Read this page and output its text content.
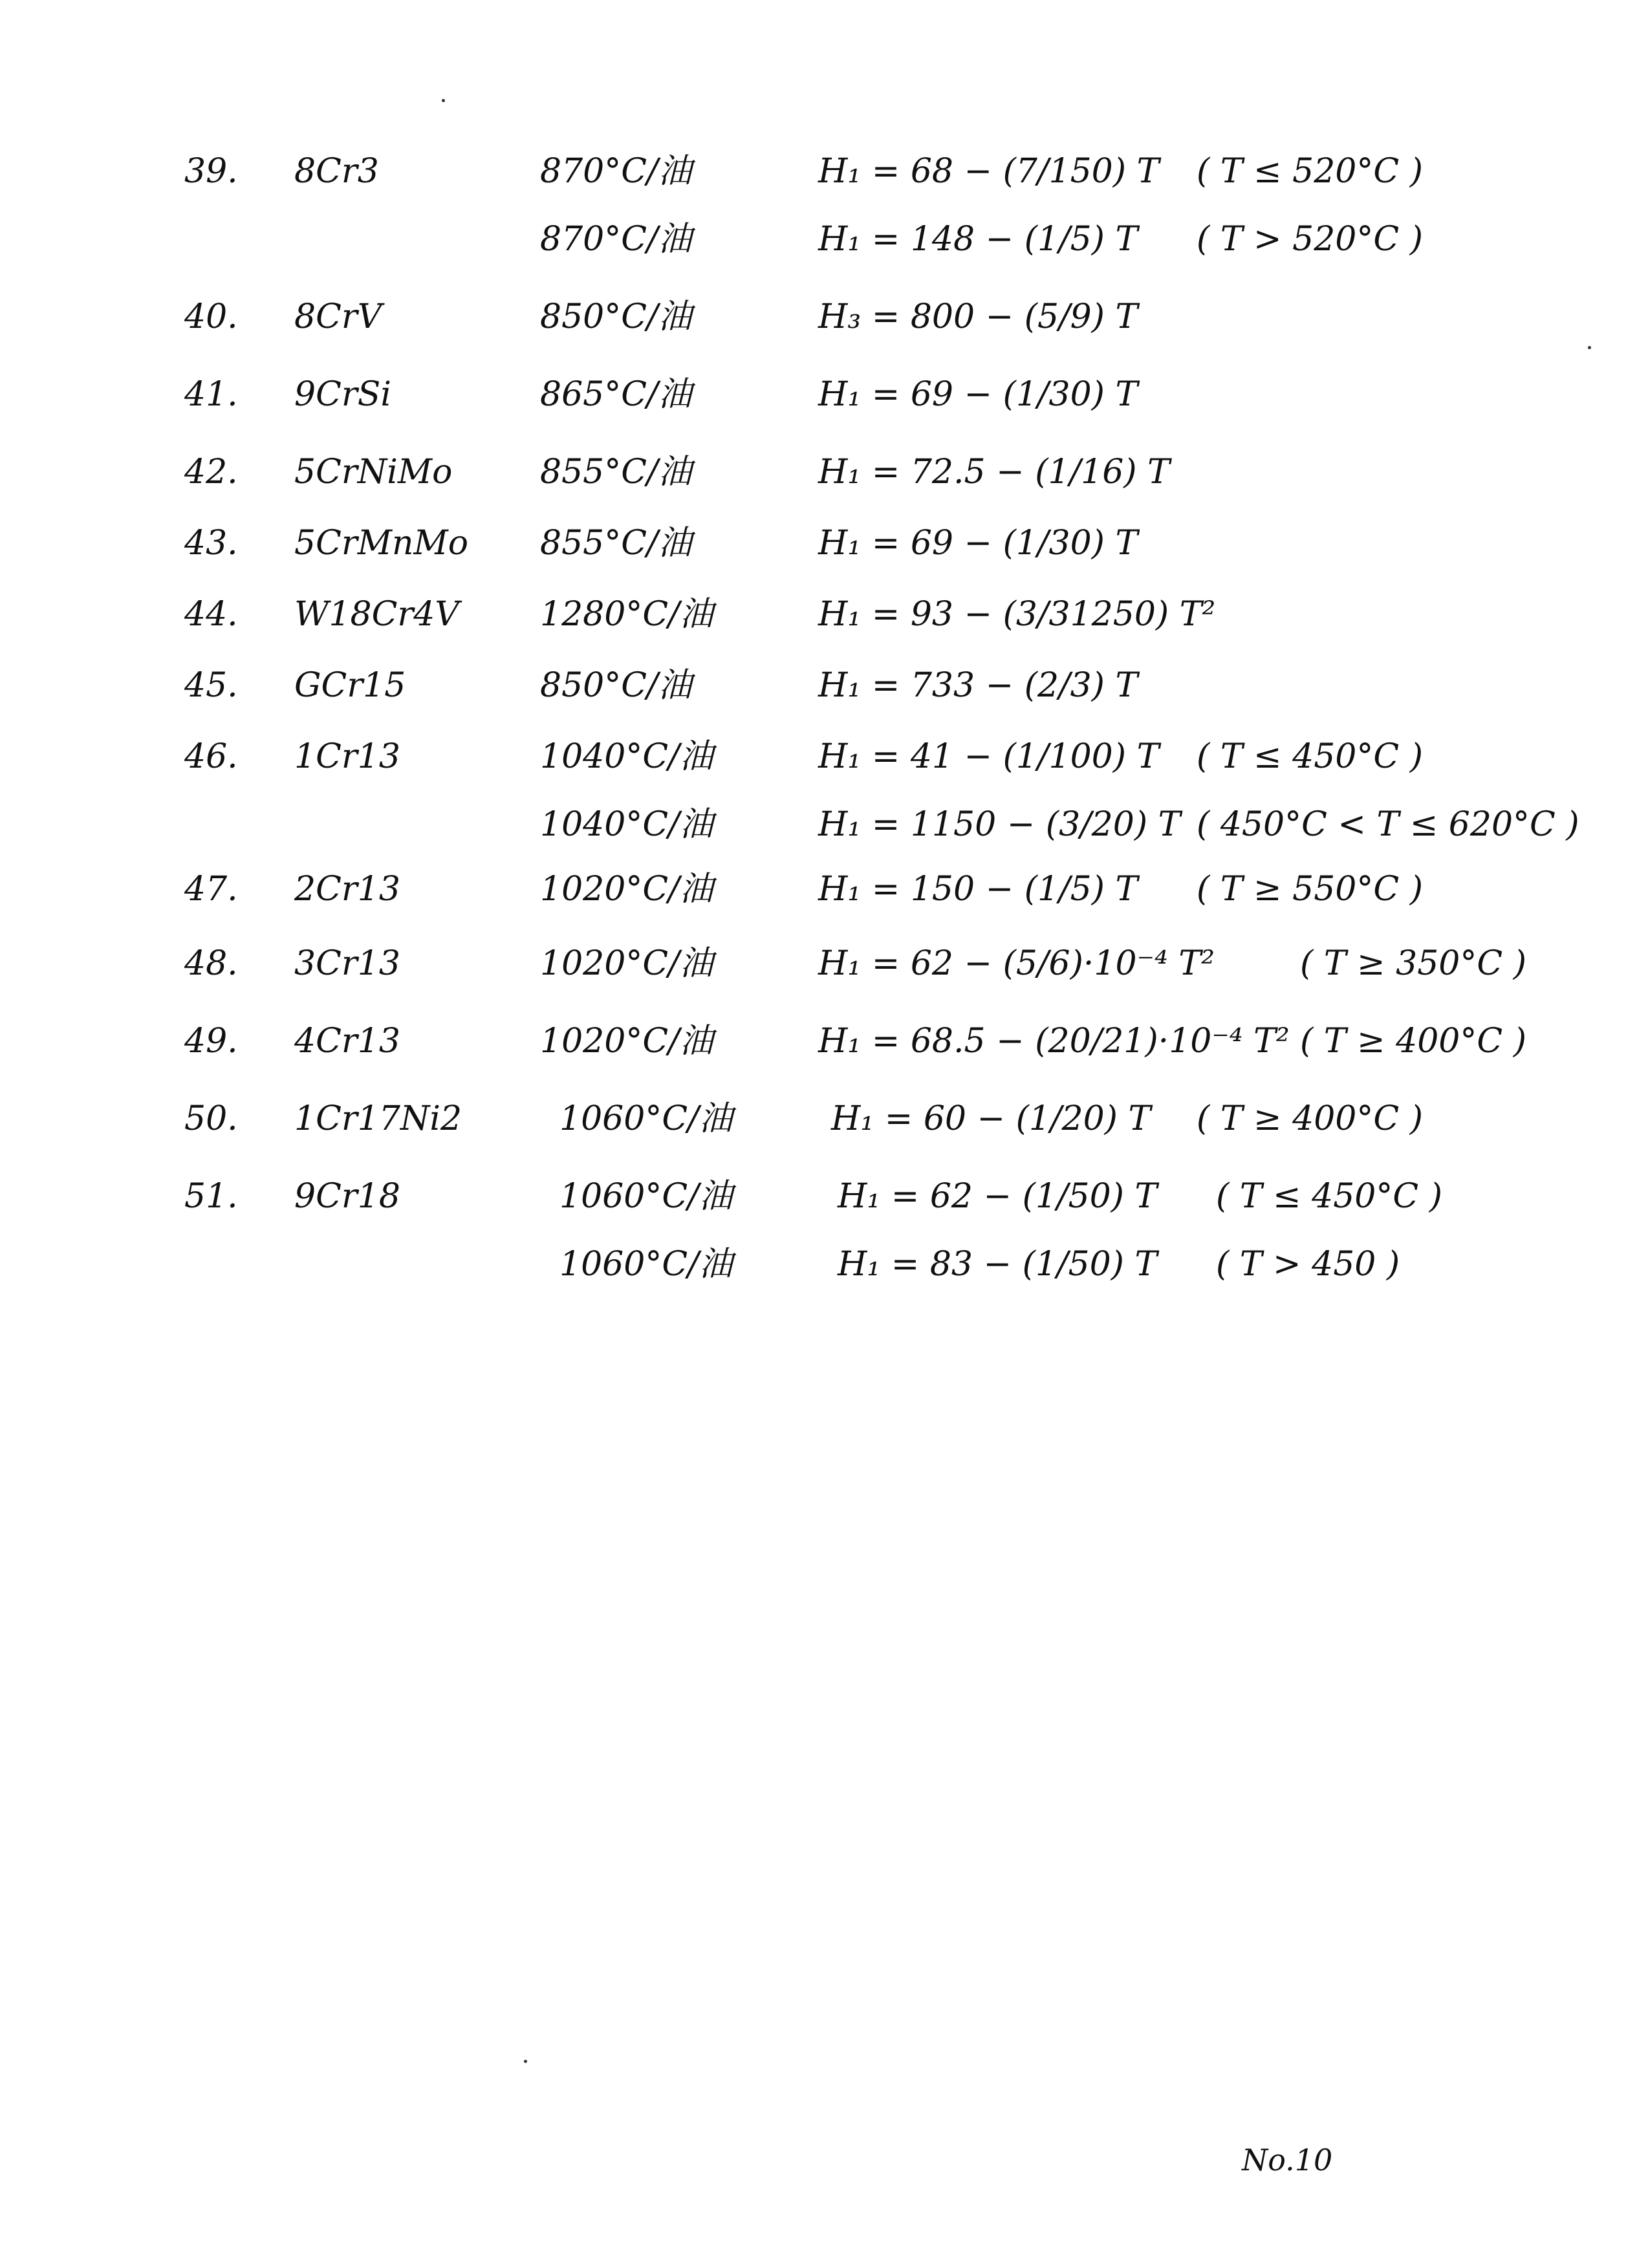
39.	8Cr3	870°C/油	H₁ = 68 − (7/150) T	( T ≤ 520°C )
870°C/油	H₁ = 148 − (1/5) T	( T > 520°C )
40.	8CrV	850°C/油	H₃ = 800 − (5/9) T
41.	9CrSi	865°C/油	H₁ = 69 − (1/30) T
42.	5CrNiMo	855°C/油	H₁ = 72.5 − (1/16) T
43.	5CrMnMo	855°C/油	H₁ = 69 − (1/30) T
44.	W18Cr4V	1280°C/油	H₁ = 93 − (3/31250) T²
45.	GCr15	850°C/油	H₁ = 733 − (2/3) T
46.	1Cr13	1040°C/油	H₁ = 41 − (1/100) T	( T ≤ 450°C )
1040°C/油	H₁ = 1150 − (3/20) T ( 450°C < T ≤ 620°C )
47.	2Cr13	1020°C/油	H₁ = 150 − (1/5) T	( T ≥ 550°C )
48.	3Cr13	1020°C/油	H₁ = 62 − (5/6)·10⁻⁴ T²	( T ≥ 350°C )
49.	4Cr13	1020°C/油	H₁ = 68.5 − (20/21)·10⁻⁴ T² ( T ≥ 400°C )
50.	1Cr17Ni2	1060°C/油	H₁ = 60 − (1/20) T	( T ≥ 400°C )
51.	9Cr18	1060°C/油	H₁ = 62 − (1/50) T	( T ≤ 450°C )
1060°C/油	H₁ = 83 − (1/50) T	( T > 450 )
No.10
